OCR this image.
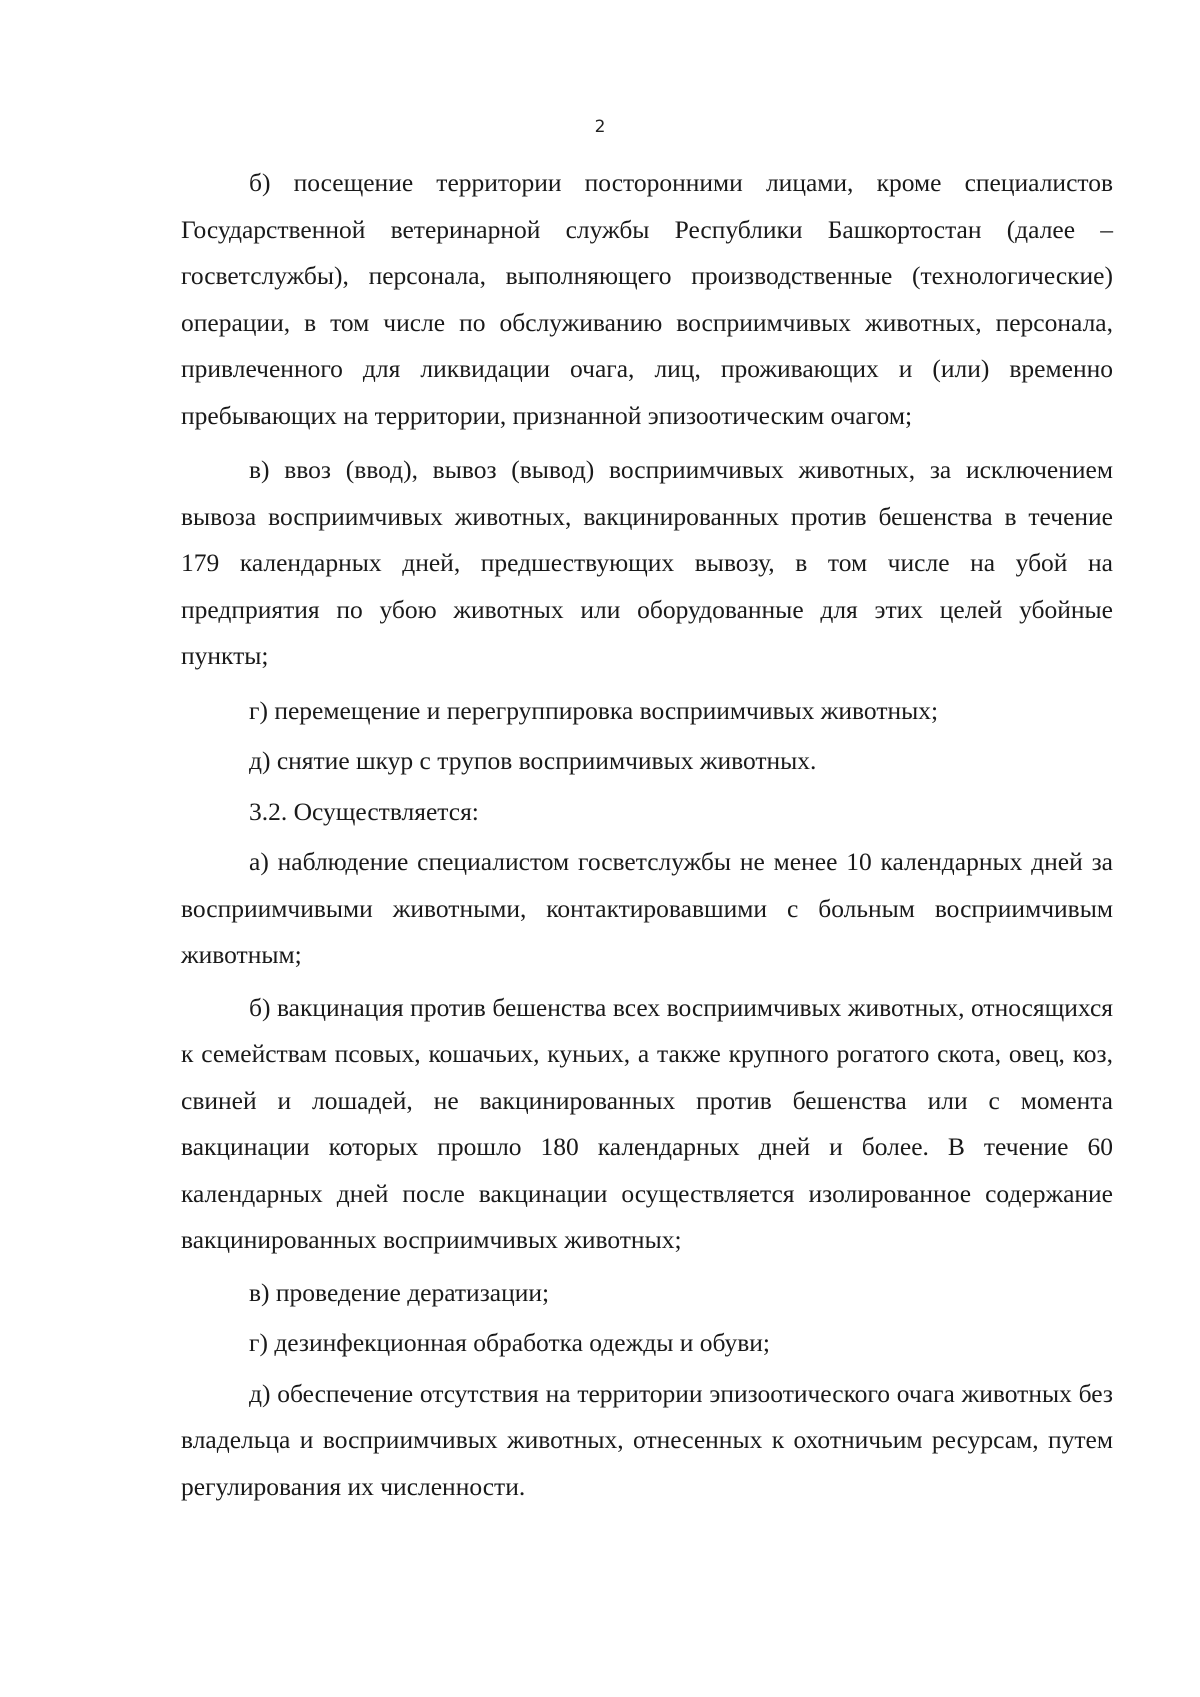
2

б) посещение территории посторонними лицами, кроме специалистов Государственной ветеринарной службы Республики Башкортостан (далее – госветслужбы), персонала, выполняющего производственные (технологические) операции, в том числе по обслуживанию восприимчивых животных, персонала, привлеченного для ликвидации очага, лиц, проживающих и (или) временно пребывающих на территории, признанной эпизоотическим очагом;

в) ввоз (ввод), вывоз (вывод) восприимчивых животных, за исключением вывоза восприимчивых животных, вакцинированных против бешенства в течение 179 календарных дней, предшествующих вывозу, в том числе на убой на предприятия по убою животных или оборудованные для этих целей убойные пункты;

г) перемещение и перегруппировка восприимчивых животных;

д) снятие шкур с трупов восприимчивых животных.

3.2. Осуществляется:

а) наблюдение специалистом госветслужбы не менее 10 календарных дней за восприимчивыми животными, контактировавшими с больным восприимчивым животным;

б) вакцинация против бешенства всех восприимчивых животных, относящихся к семействам псовых, кошачьих, куньих, а также крупного рогатого скота, овец, коз, свиней и лошадей, не вакцинированных против бешенства или с момента вакцинации которых прошло 180 календарных дней и более. В течение 60 календарных дней после вакцинации осуществляется изолированное содержание вакцинированных восприимчивых животных;

в) проведение дератизации;

г) дезинфекционная обработка одежды и обуви;

д) обеспечение отсутствия на территории эпизоотического очага животных без владельца и восприимчивых животных, отнесенных к охотничьим ресурсам, путем регулирования их численности.
